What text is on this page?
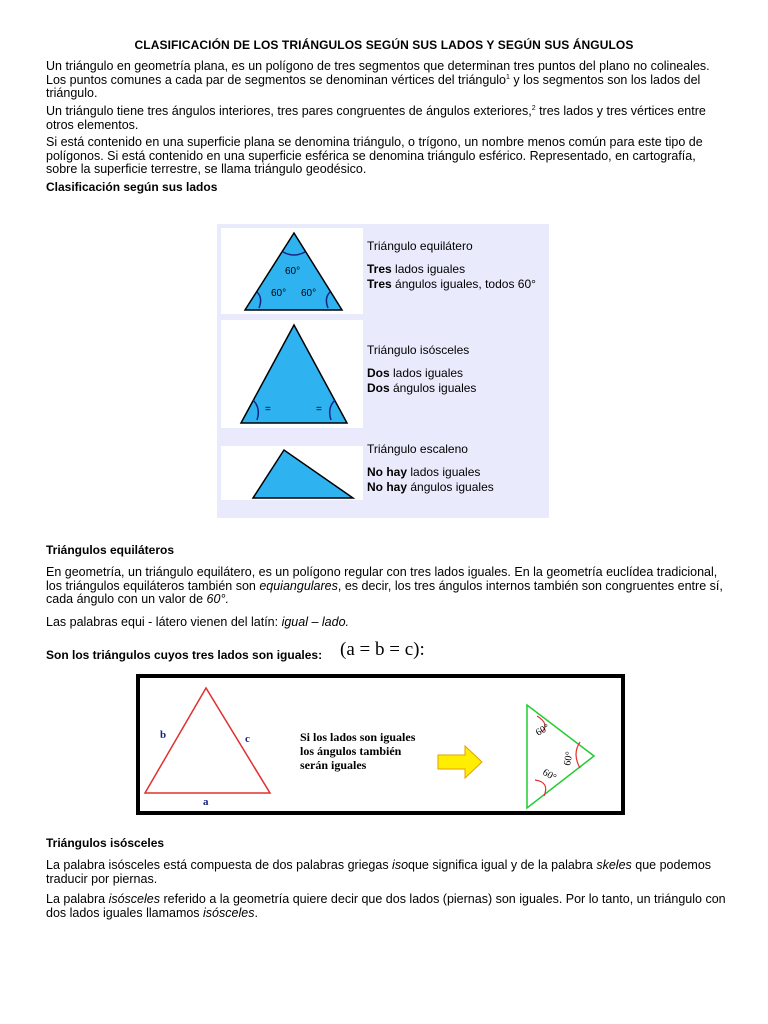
CLASIFICACIÓN DE LOS TRIÁNGULOS SEGÚN SUS LADOS Y SEGÚN SUS ÁNGULOS
Un triángulo en geometría plana, es un polígono de tres segmentos que determinan tres puntos del plano no colineales.
Los puntos comunes a cada par de segmentos se denominan vértices del triángulo$^1$ y los segmentos son los lados del
triángulo.
Un triángulo tiene tres ángulos interiores, tres pares congruentes de ángulos exteriores,$^2$ tres lados y tres vértices entre
otros elementos.
Si está contenido en una superficie plana se denomina triángulo, o trígono, un nombre menos común para este tipo de
polígonos. Si está contenido en una superficie esférica se denomina triángulo esférico. Representado, en cartografía,
sobre la superficie terrestre, se llama triángulo geodésico.
Clasificación según sus lados
60°
60° 60°
Triángulo equilátero
Tres lados iguales
Tres ángulos iguales, todos 60°
=	=
Triángulo isósceles
Dos lados iguales
Dos ángulos iguales
Triángulo escaleno
No hay lados iguales
No hay ángulos iguales
Triángulos equiláteros
En geometría, un triángulo equilátero, es un polígono regular con tres lados iguales. En la geometría euclídea tradicional,
los triángulos equiláteros también son equiangulares, es decir, los tres ángulos internos también son congruentes entre sí,
cada ángulo con un valor de 60°.
Las palabras equi - látero vienen del latín: igual – lado.
Son los triángulos cuyos tres lados son iguales: (a = b = c):
b	c
a
Si los lados son iguales
los ángulos también
serán iguales
60°
60°
60°
Triángulos isósceles
La palabra isósceles está compuesta de dos palabras griegas isoque significa igual y de la palabra skeles que podemos
traducir por piernas.
La palabra isósceles referido a la geometría quiere decir que dos lados (piernas) son iguales. Por lo tanto, un triángulo con
dos lados iguales llamamos isósceles.
